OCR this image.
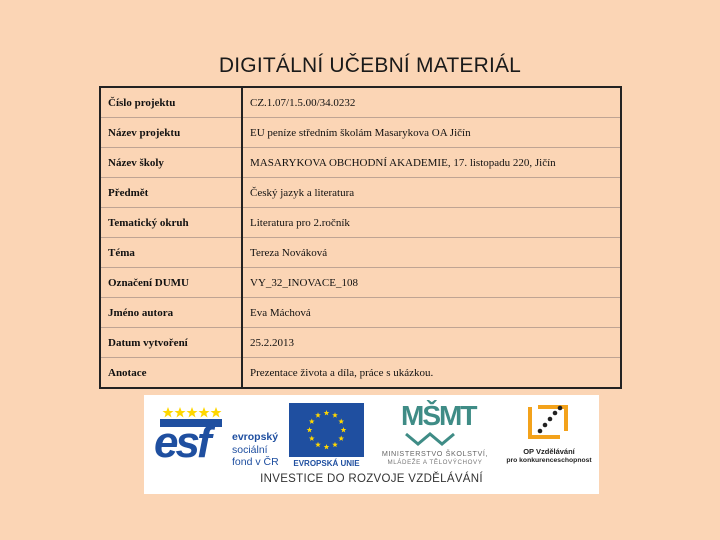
DIGITÁLNÍ UČEBNÍ MATERIÁL
Číslo projektu	CZ.1.07/1.5.00/34.0232
Název projektu	EU peníze středním školám Masarykova OA Jičín
Název školy	MASARYKOVA OBCHODNÍ AKADEMIE, 17. listopadu 220, Jičín
Předmět	Český jazyk a literatura
Tematický okruh	Literatura pro 2.ročník
Téma	Tereza Nováková
Označení DUMU	VY_32_INOVACE_108
Jméno autora	Eva Máchová
Datum vytvoření	25.2.2013
Anotace	Prezentace života a díla, práce s ukázkou.
esf evropský
sociální
fond v ČR	EVROPSKÁ UNIE
MŠMT
MINISTERSTVO ŠKOLSTVÍ,
MLÁDEŽE A TĚLOVÝCHOVY
OP Vzdělávání
pro konkurenceschopnost
INVESTICE DO ROZVOJE VZDĚLÁVÁNÍ
